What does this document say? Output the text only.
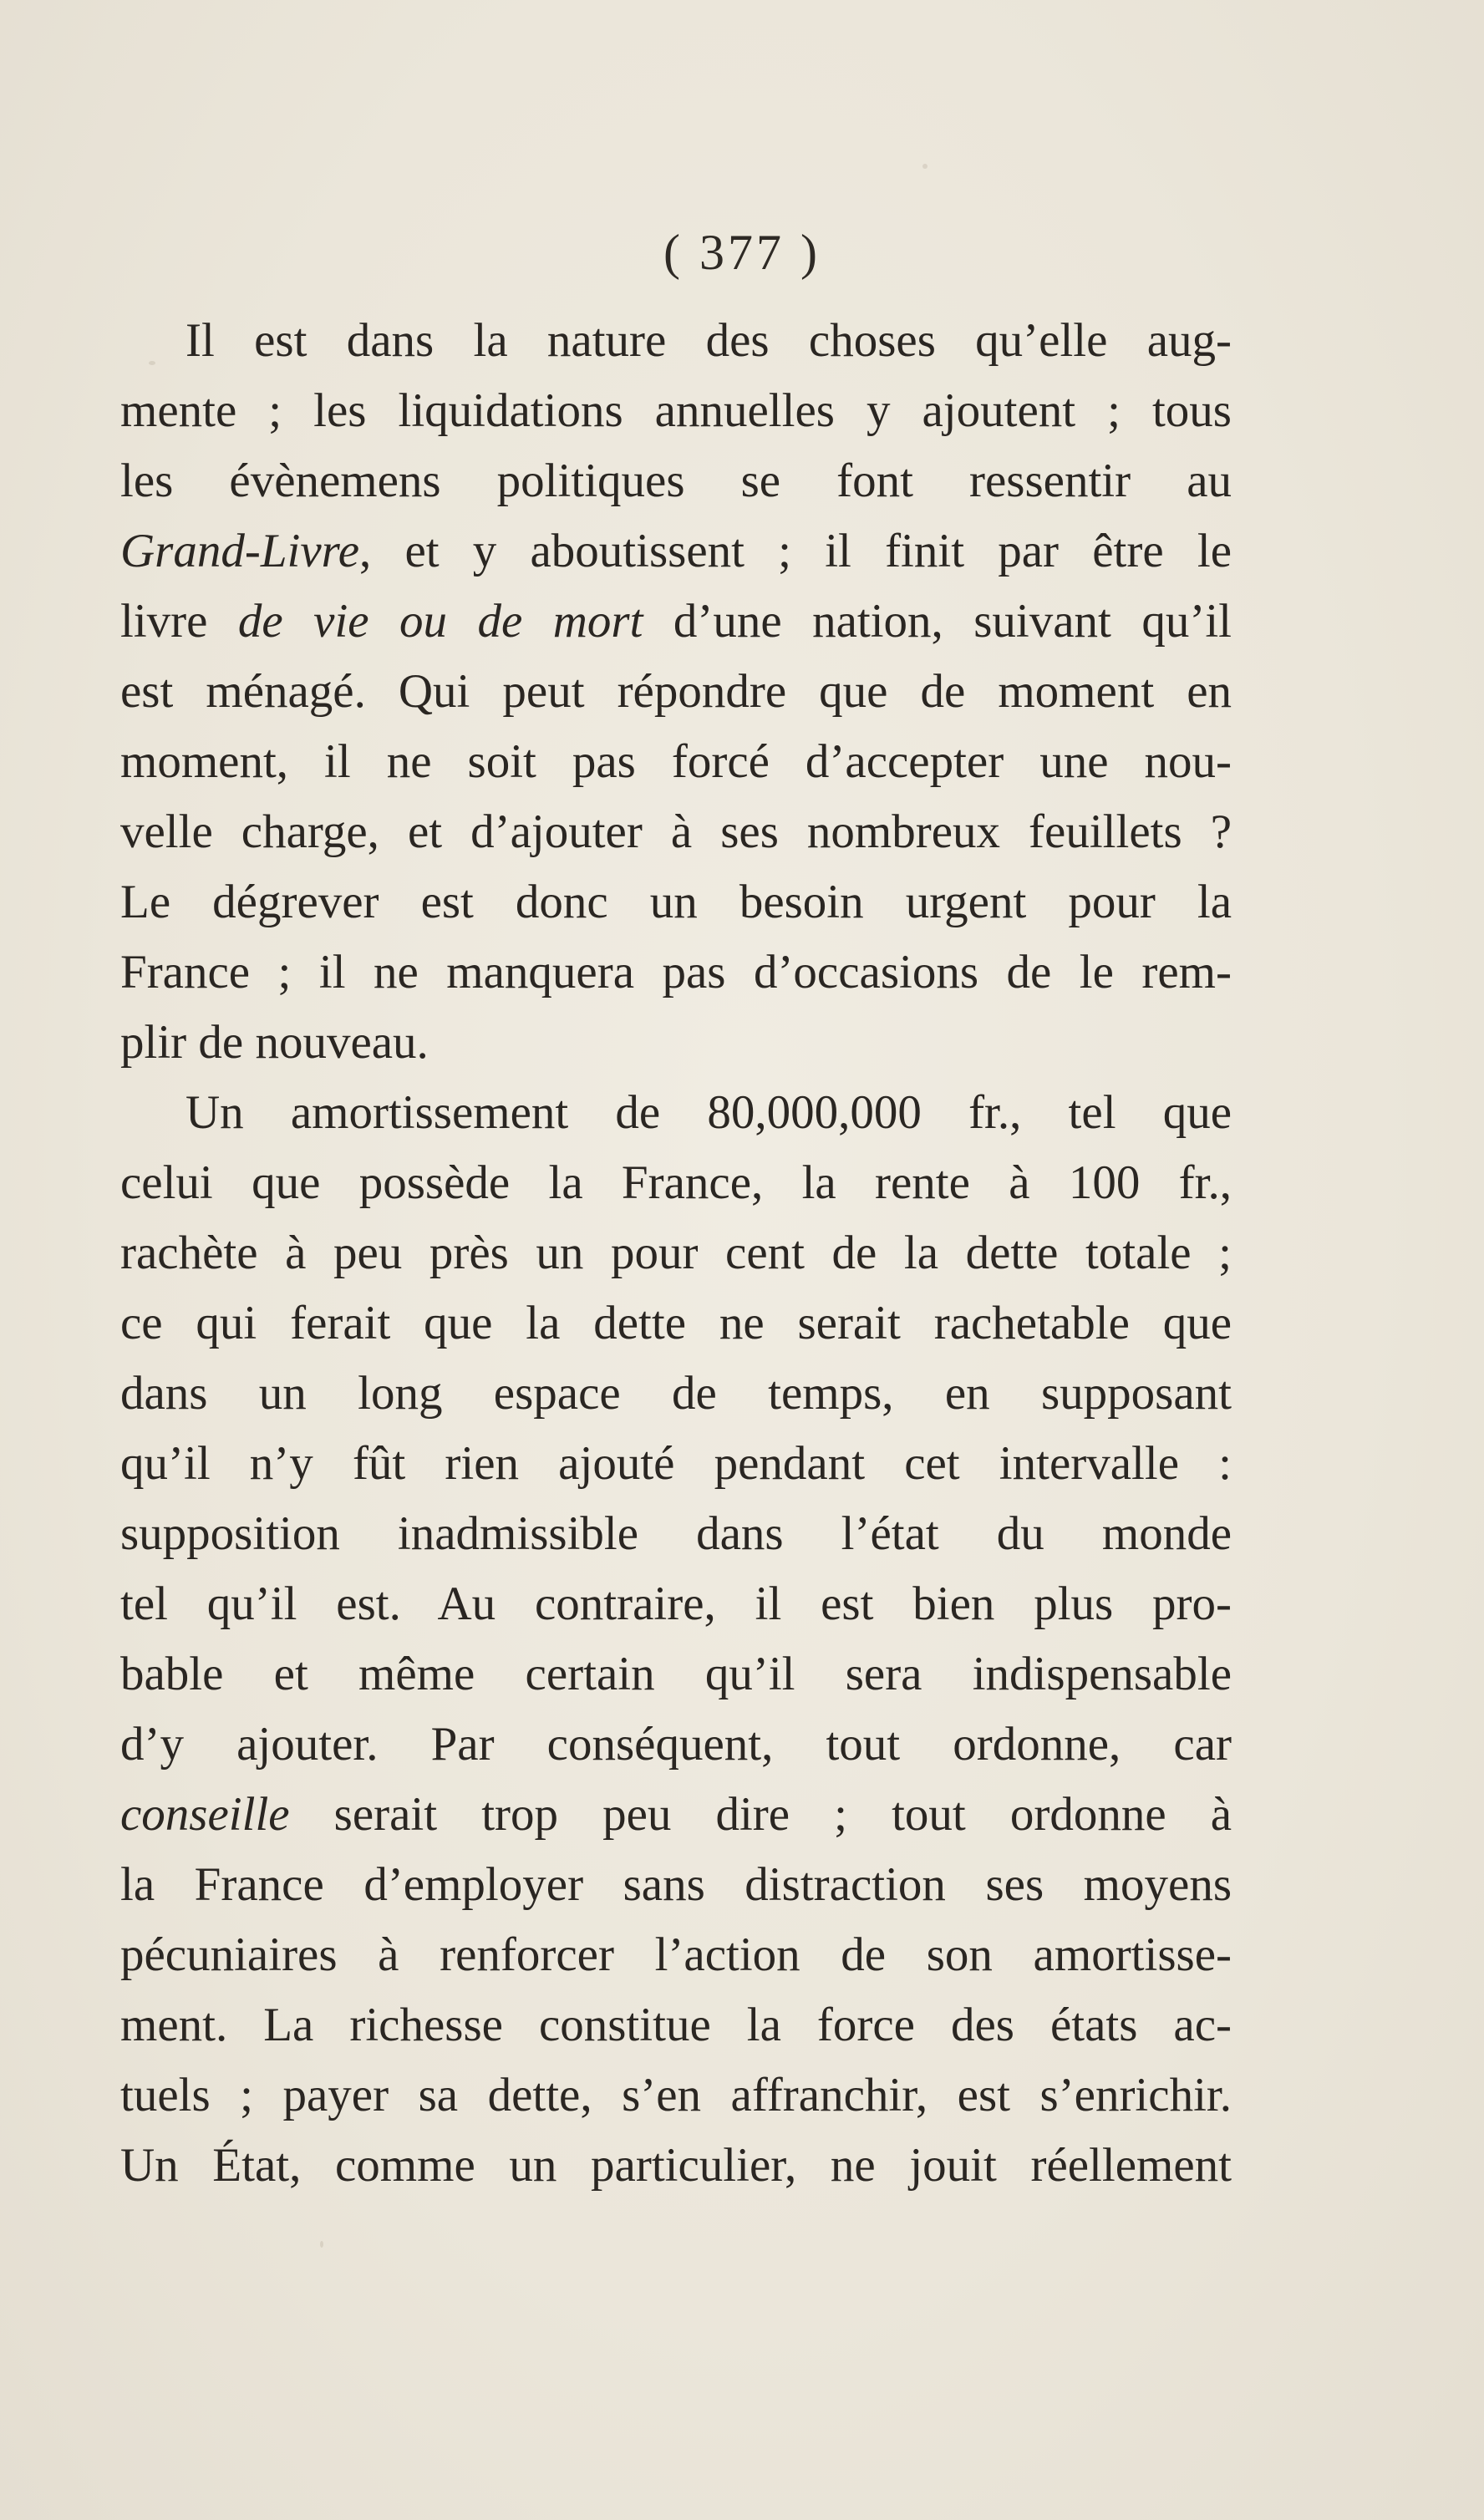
( 377 )
Il est dans la nature des choses qu’elle aug-
mente ; les liquidations annuelles y ajoutent ; tous
les évènemens politiques se font ressentir au
Grand-Livre, et y aboutissent ; il finit par être le
livre de vie ou de mort d’une nation, suivant qu’il
est ménagé. Qui peut répondre que de moment en
moment, il ne soit pas forcé d’accepter une nou-
velle charge, et d’ajouter à ses nombreux feuillets ?
Le dégrever est donc un besoin urgent pour la
France ; il ne manquera pas d’occasions de le rem-
plir de nouveau.
Un amortissement de 80,000,000 fr., tel que
celui que possède la France, la rente à 100 fr.,
rachète à peu près un pour cent de la dette totale ;
ce qui ferait que la dette ne serait rachetable que
dans un long espace de temps, en supposant
qu’il n’y fût rien ajouté pendant cet intervalle :
supposition inadmissible dans l’état du monde
tel qu’il est. Au contraire, il est bien plus pro-
bable et même certain qu’il sera indispensable
d’y ajouter. Par conséquent, tout ordonne, car
conseille serait trop peu dire ; tout ordonne à
la France d’employer sans distraction ses moyens
pécuniaires à renforcer l’action de son amortisse-
ment. La richesse constitue la force des états ac-
tuels ; payer sa dette, s’en affranchir, est s’enrichir.
Un État, comme un particulier, ne jouit réellement
